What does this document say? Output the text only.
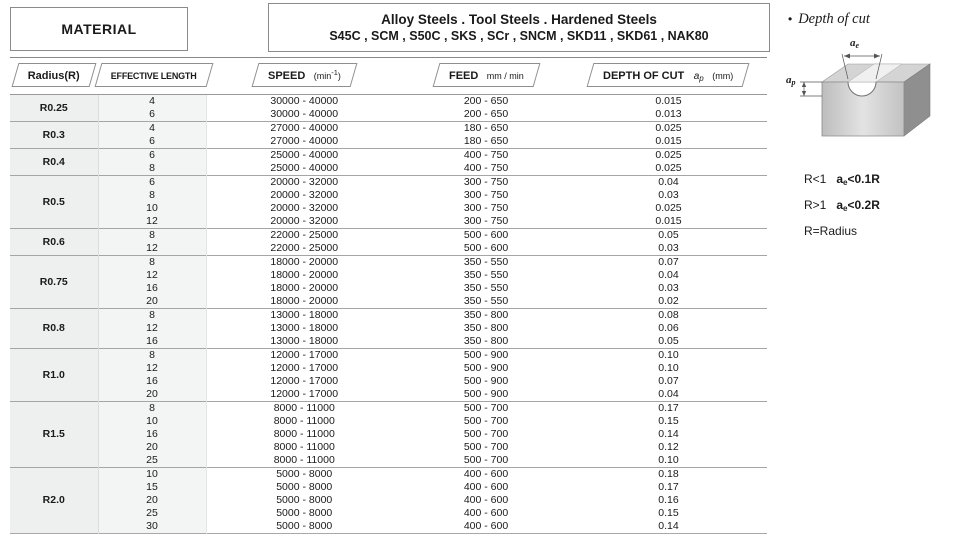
MATERIAL
Alloy Steels . Tool Steels . Hardened Steels
S45C , SCM , S50C , SKS , SCr , SNCM , SKD11 , SKD61 , NAK80
Radius(R)	EFFECTIVE LENGTH	SPEED $(\min^{-1})$	FEED mm / min	DEPTH OF CUT $a_p$ (mm)
R0.25	4	30000 - 40000	200 - 650	0.015
	6	30000 - 40000	200 - 650	0.013
R0.3	4	27000 - 40000	180 - 650	0.025
	6	27000 - 40000	180 - 650	0.015
R0.4	6	25000 - 40000	400 - 750	0.025
	8	25000 - 40000	400 - 750	0.025
R0.5	6	20000 - 32000	300 - 750	0.04
	8	20000 - 32000	300 - 750	0.03
	10	20000 - 32000	300 - 750	0.025
	12	20000 - 32000	300 - 750	0.015
R0.6	8	22000 - 25000	500 - 600	0.05
	12	22000 - 25000	500 - 600	0.03
R0.75	8	18000 - 20000	350 - 550	0.07
	12	18000 - 20000	350 - 550	0.04
	16	18000 - 20000	350 - 550	0.03
	20	18000 - 20000	350 - 550	0.02
R0.8	8	13000 - 18000	350 - 800	0.08
	12	13000 - 18000	350 - 800	0.06
	16	13000 - 18000	350 - 800	0.05
R1.0	8	12000 - 17000	500 - 900	0.10
	12	12000 - 17000	500 - 900	0.10
	16	12000 - 17000	500 - 900	0.07
	20	12000 - 17000	500 - 900	0.04
R1.5	8	8000 - 11000	500 - 700	0.17
	10	8000 - 11000	500 - 700	0.15
	16	8000 - 11000	500 - 700	0.14
	20	8000 - 11000	500 - 700	0.12
	25	8000 - 11000	500 - 700	0.10
R2.0	10	5000 - 8000	400 - 600	0.18
	15	5000 - 8000	400 - 600	0.17
	20	5000 - 8000	400 - 600	0.16
	25	5000 - 8000	400 - 600	0.15
	30	5000 - 8000	400 - 600	0.14
• Depth of cut
$a_e$
$a_p$
R<1 $a_e<0.1R$
R>1 $a_e<0.2R$
R=Radius
